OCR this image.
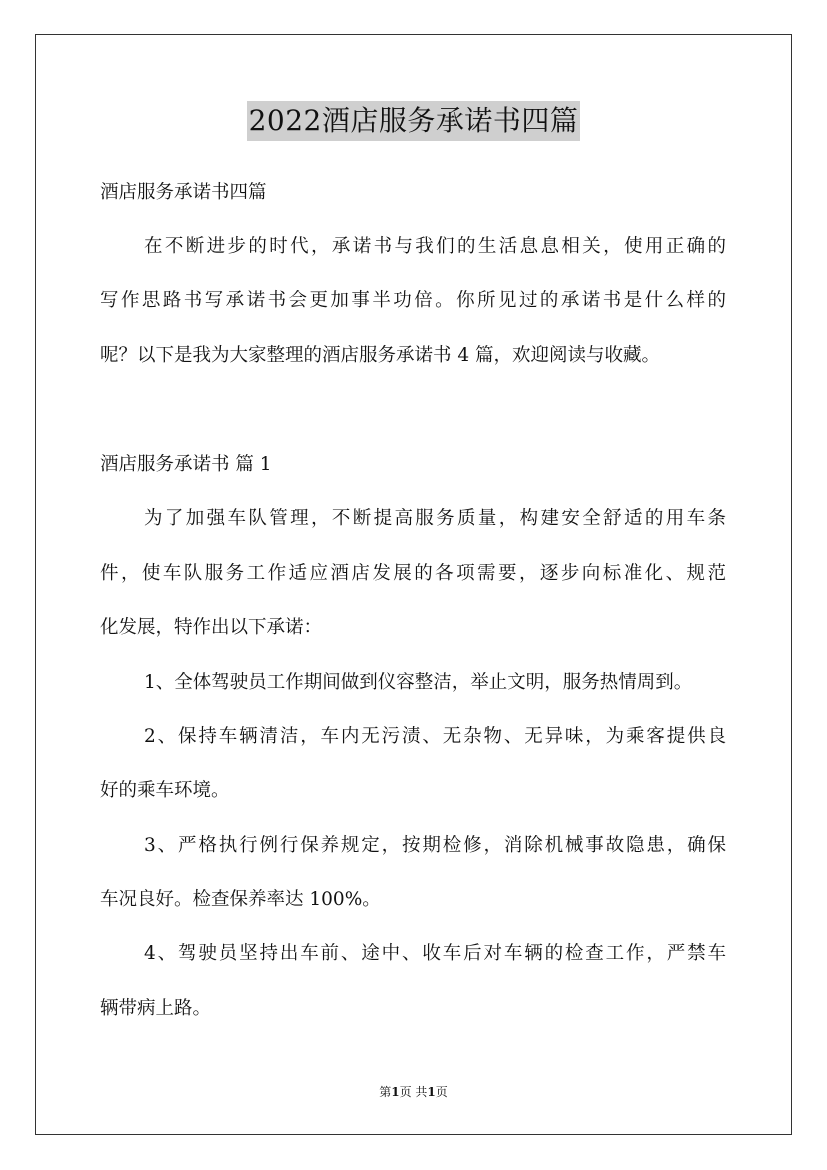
2022酒店服务承诺书四篇
酒店服务承诺书四篇
在不断进步的时代，承诺书与我们的生活息息相关，使用正确的
写作思路书写承诺书会更加事半功倍。你所见过的承诺书是什么样的
呢？以下是我为大家整理的酒店服务承诺书 4 篇，欢迎阅读与收藏。
酒店服务承诺书 篇 1
为了加强车队管理，不断提高服务质量，构建安全舒适的用车条
件，使车队服务工作适应酒店发展的各项需要，逐步向标准化、规范
化发展，特作出以下承诺：
1、全体驾驶员工作期间做到仪容整洁，举止文明，服务热情周到。
2、保持车辆清洁，车内无污渍、无杂物、无异味，为乘客提供良
好的乘车环境。
3、严格执行例行保养规定，按期检修，消除机械事故隐患，确保
车况良好。检查保养率达 100%。
4、驾驶员坚持出车前、途中、收车后对车辆的检查工作，严禁车
辆带病上路。
第1页 共1页
